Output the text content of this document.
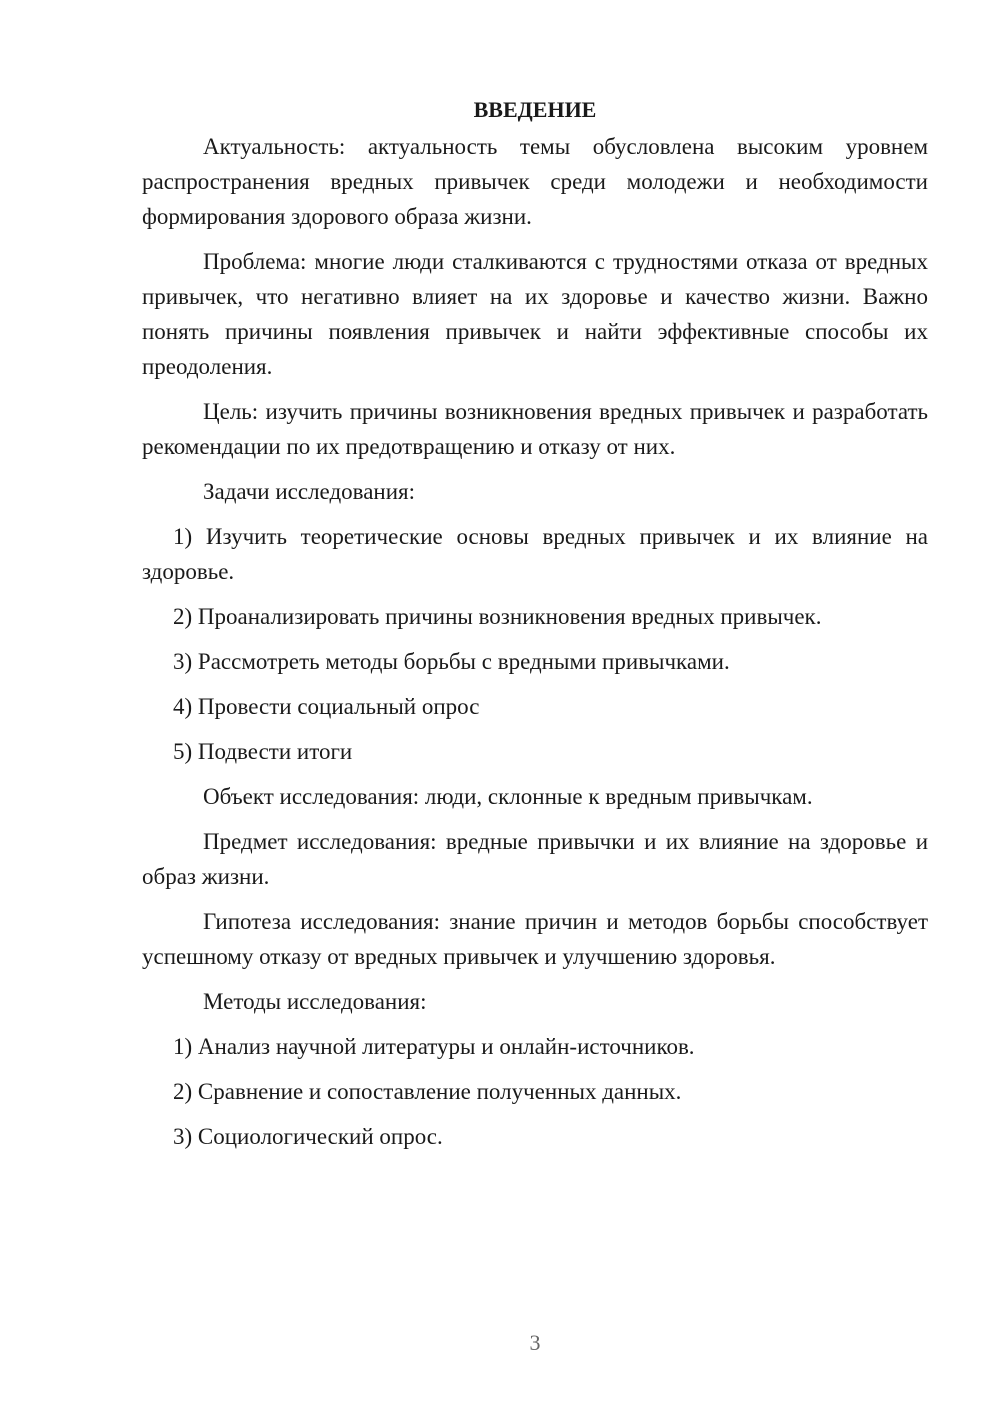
ВВЕДЕНИЕ

Актуальность: актуальность темы обусловлена высоким уровнем распространения вредных привычек среди молодежи и необходимости формирования здорового образа жизни.

Проблема: многие люди сталкиваются с трудностями отказа от вредных привычек, что негативно влияет на их здоровье и качество жизни. Важно понять причины появления привычек и найти эффективные способы их преодоления.

Цель: изучить причины возникновения вредных привычек и разработать рекомендации по их предотвращению и отказу от них.

Задачи исследования:

1) Изучить теоретические основы вредных привычек и их влияние на здоровье.

2) Проанализировать причины возникновения вредных привычек.

3) Рассмотреть методы борьбы с вредными привычками.

4) Провести социальный опрос

5) Подвести итоги

Объект исследования: люди, склонные к вредным привычкам.

Предмет исследования: вредные привычки и их влияние на здоровье и образ жизни.

Гипотеза исследования: знание причин и методов борьбы способствует успешному отказу от вредных привычек и улучшению здоровья.

Методы исследования:

1) Анализ научной литературы и онлайн-источников.

2) Сравнение и сопоставление полученных данных.

3) Социологический опрос.

3
